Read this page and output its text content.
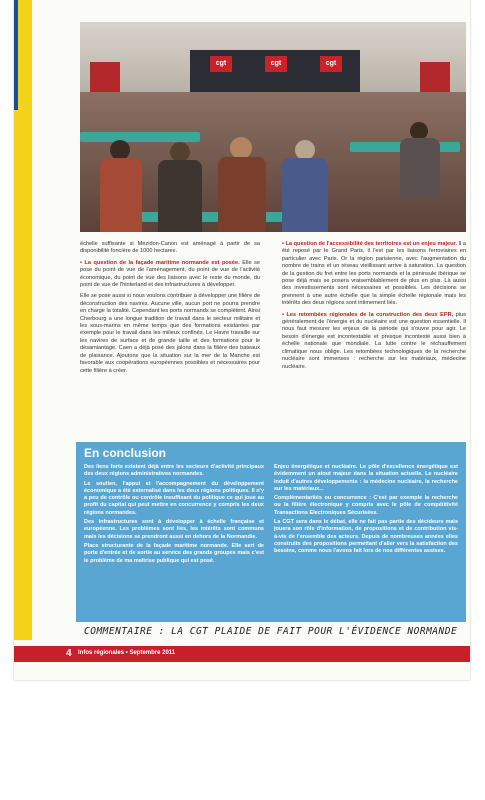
cgt	cgt	cgt

échelle suffisante si Mézidon-Canon est aménagé à partir de sa disponibilité foncière de 1000 hectares.

• La question de la façade maritime normande est posée. Elle se pose du point de vue de l'aménagement, du point de vue de l'activité économique, du point de vue des liaisons avec le reste du monde, du point de vue de l'hinterland et des infrastructures à développer.

Elle se pose aussi si nous voulons contribuer à développer une filière de déconstruction des navires. Aucune ville, aucun port ne pourra prendre en charge la totalité. Cependant les ports normands se complètent. Ainsi Cherbourg a une longue tradition de travail dans le secteur militaire et les sous-marins en même temps que des formations existantes par exemple pour le travail dans les milieux confinés. Le Havre travaille sur les navires de surface et de grande taille et des formations pour le désamiantage. Caen a déjà posé des jalons dans la filière des bateaux de plaisance. Ajoutons que la situation sur la mer de la Manche est favorable aux coopérations européennes possibles et nécessaires pour cette filière à créer.

• La question de l'accessibilité des territoires est un enjeu majeur. Il a été reposé par le Grand Paris, il l'est par les liaisons ferroviaires en particulier avec Paris. Or la région parisienne, avec l'augmentation du nombre de trains et un réseau vieillissant arrive à saturation. La question de la gestion du fret entre les ports normands et la péninsule ibérique se pose déjà mais se posera vraisemblablement de plus en plus. Là aussi des investissements sont nécessaires et possibles. Les décisions se prennent à une autre échelle que la simple échelle régionale mais les intérêts des deux régions sont intimement liés.

• Les retombées régionales de la construction des deux EPR, plus généralement de l'énergie et du nucléaire est une question essentielle. Il nous faut mesurer les enjeux de la période qui s'ouvre pour agir. Le besoin d'énergie est incontestable et presque incontesté aussi bien à échelle nationale que mondiale. La lutte contre le réchauffement climatique nous oblige. Les retombées technologiques de la recherche nucléaire sont immenses : recherche sur les matériaux, médecine nucléaire.

En conclusion

Des liens forts existent déjà entre les secteurs d'activité principaux des deux régions administratives normandes.

Le soutien, l'appui et l'accompagnement du développement économique a été externalisé dans les deux régions politiques. Il n'y a peu de contrôle ou contrôle insuffisant du politique ce qui joue au profit du capital qui peut mettre en concurrence y compris les deux régions normandes.

Des infrastructures sont à développer à échelle française et européenne. Les problèmes sont liés, les intérêts sont communs mais les décisions se prendront aussi en dehors de la Normandie.

Place structurante de la façade maritime normande. Elle sert de porte d'entrée et de sortie au service des grands groupes mais c'est le problème de ma maîtrise publique qui est posé.

Enjeu énergétique et nucléaire. Le pôle d'excellence énergétique est évidemment un atout majeur dans la situation actuelle. Le nucléaire induit d'autres développements : la médecine nucléaire, la recherche sur les matériaux...

Complémentarités ou concurrence : C'est par exemple la recherche ou la filière électronique y compris avec le pôle de compétitivité Transactions Electroniques Sécurisées.

La CGT sera dans le débat, elle ne fait pas partie des décideurs mais jouera son rôle d'information, de propositions et de contribution vis-à-vis de l'ensemble des acteurs. Depuis de nombreuses années elles construits des propositions permettant d'aller vers la satisfaction des besoins, comme nous l'avons fait lors de nos différentes assises.

COMMENTAIRE : LA CGT PLAIDE DE FAIT POUR L'ÉVIDENCE NORMANDE
4 Infos régionales • Septembre 2011
